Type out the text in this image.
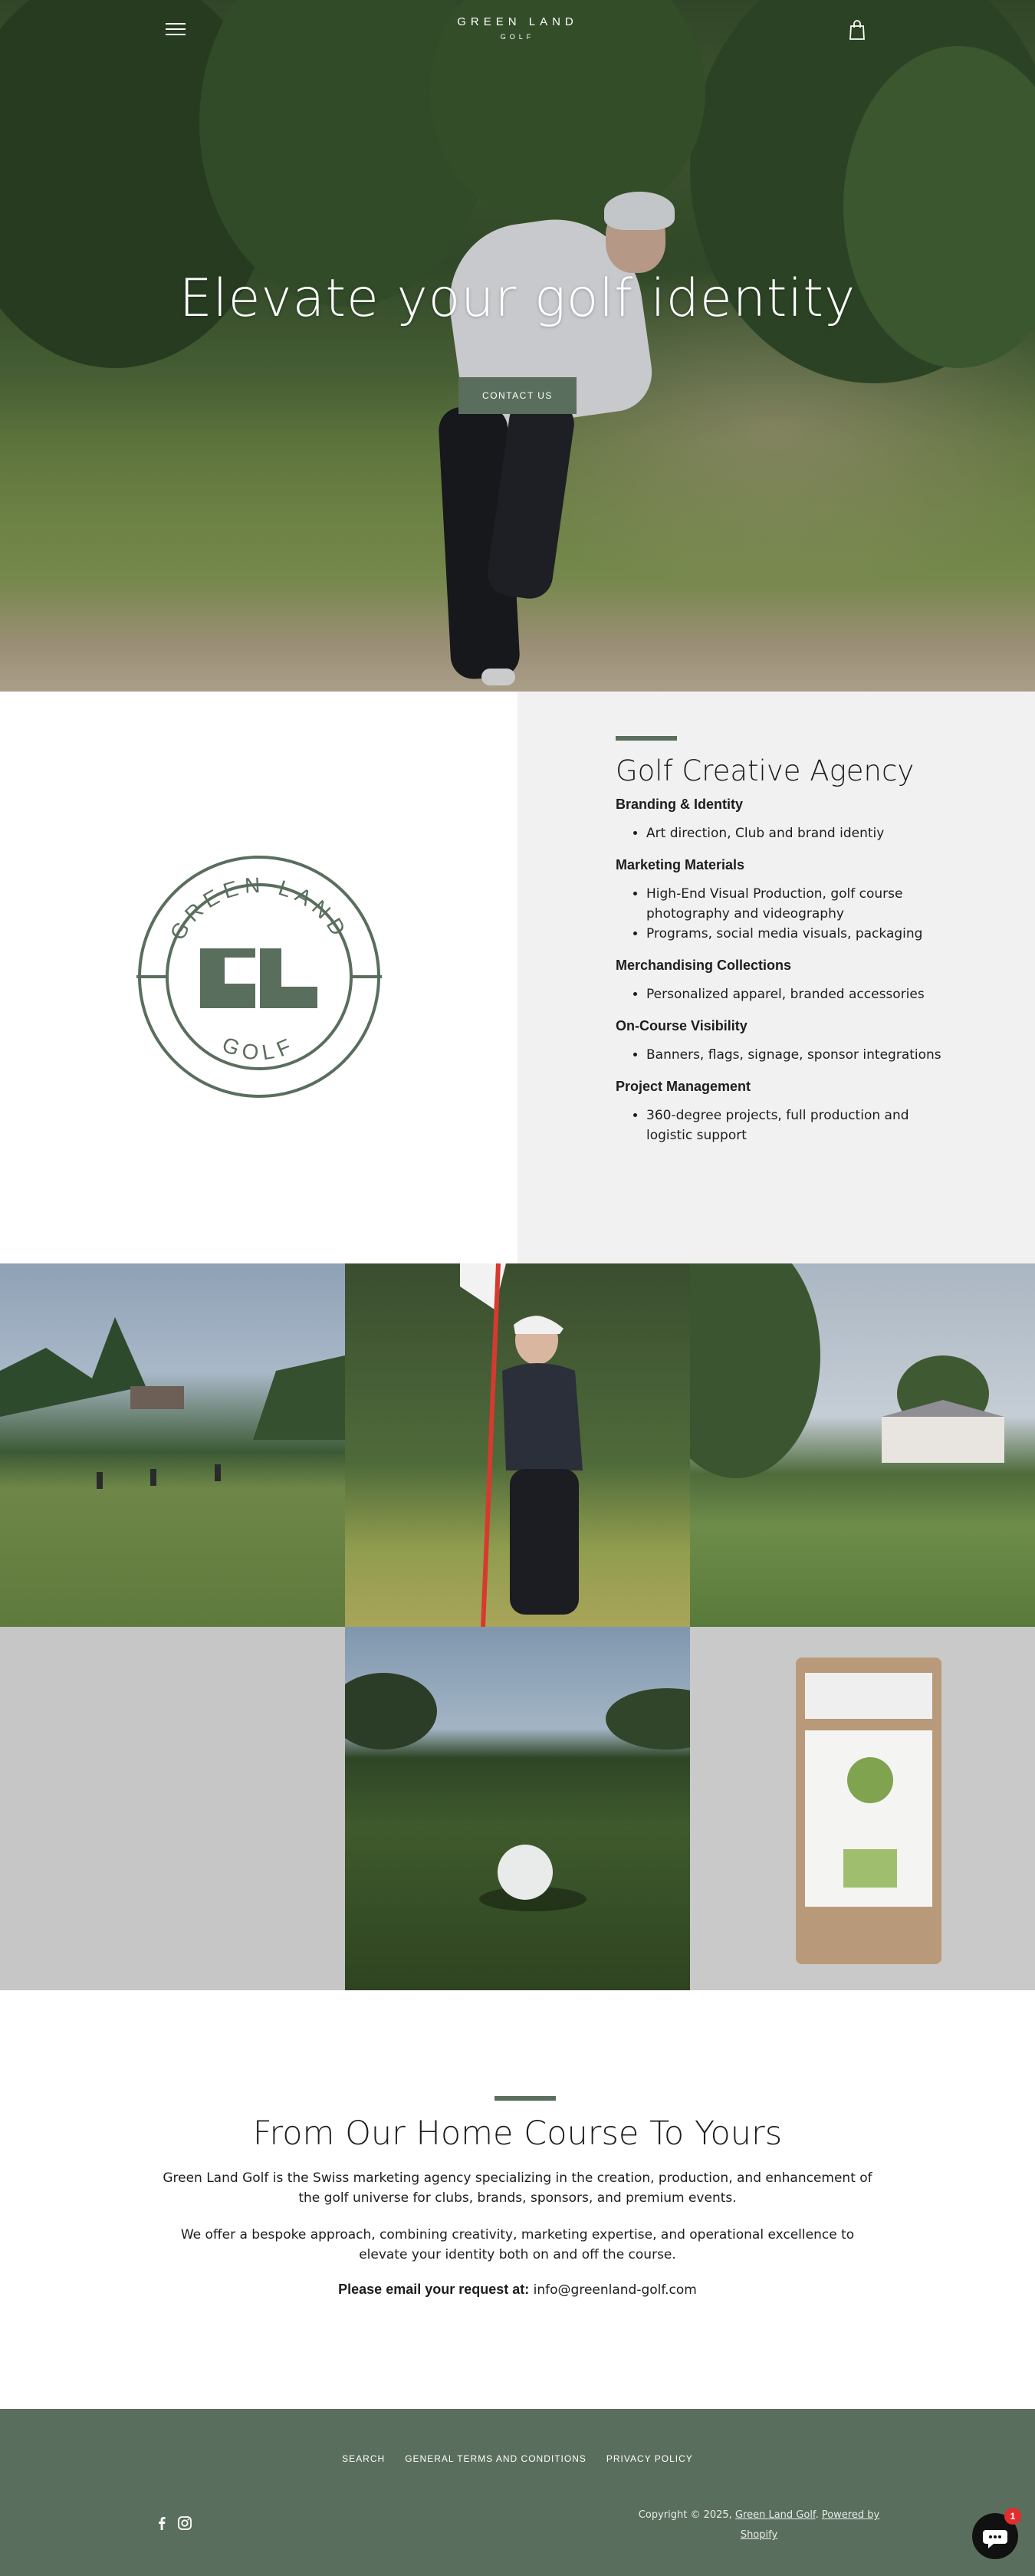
GREEN LAND
GOLF
Elevate your golf identity
CONTACT US
GREEN LAND
GOLF
Golf Creative Agency
Branding & Identity
• Art direction, Club and brand identiy
Marketing Materials
• High-End Visual Production, golf course photography and videography
• Programs, social media visuals, packaging
Merchandising Collections
• Personalized apparel, branded accessories
On-Course Visibility
• Banners, flags, signage, sponsor integrations
Project Management
• 360-degree projects, full production and logistic support
From Our Home Course To Yours

Green Land Golf is the Swiss marketing agency specializing in the creation, production, and enhancement of the golf universe for clubs, brands, sponsors, and premium events.

We offer a bespoke approach, combining creativity, marketing expertise, and operational excellence to elevate your identity both on and off the course.

Please email your request at: info@greenland-golf.com
SEARCH GENERAL TERMS AND CONDITIONS PRIVACY POLICY
Copyright © 2025, Green Land Golf. Powered by Shopify
1
